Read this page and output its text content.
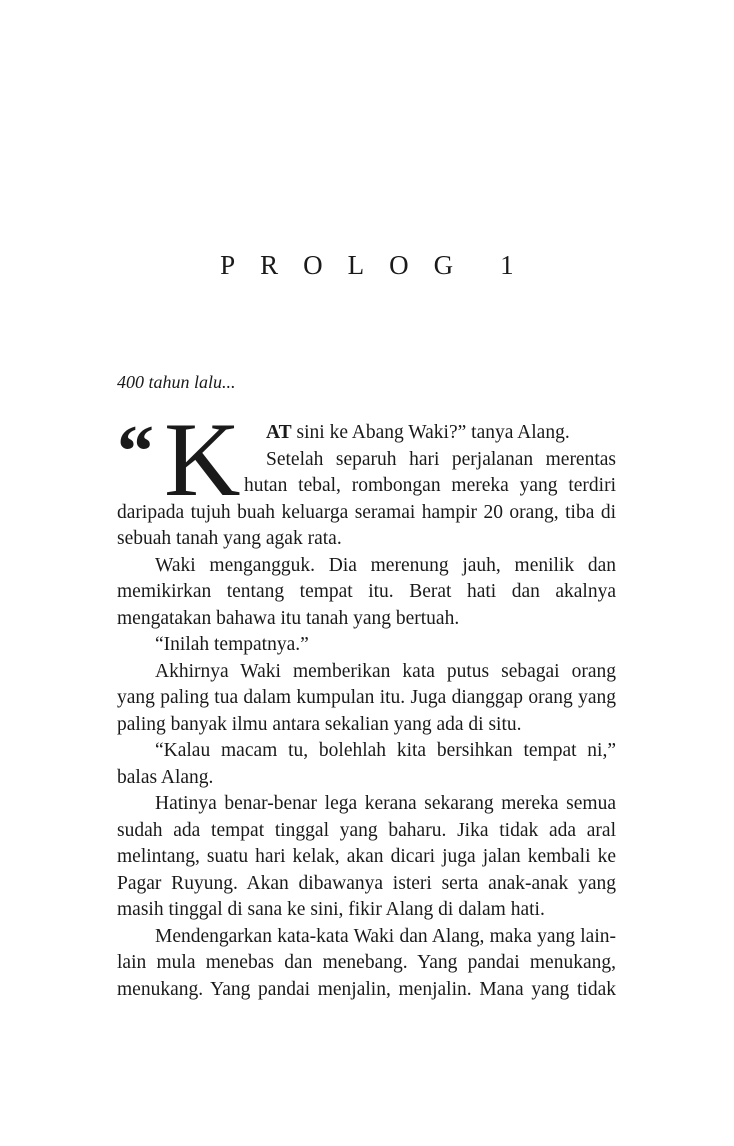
PROLOG 1
400 tahun lalu...
“ K	AT sini ke Abang Waki?” tanya Alang.
Setelah separuh hari perjalanan merentas
hutan tebal, rombongan mereka yang terdiri
daripada tujuh buah keluarga seramai hampir 20 orang, tiba di
sebuah tanah yang agak rata.
Waki mengangguk. Dia merenung jauh, menilik dan
memikirkan tentang tempat itu. Berat hati dan akalnya
mengatakan bahawa itu tanah yang bertuah.
“Inilah tempatnya.”
Akhirnya Waki memberikan kata putus sebagai orang
yang paling tua dalam kumpulan itu. Juga dianggap orang yang
paling banyak ilmu antara sekalian yang ada di situ.
“Kalau macam tu, bolehlah kita bersihkan tempat ni,”
balas Alang.
Hatinya benar-benar lega kerana sekarang mereka semua
sudah ada tempat tinggal yang baharu. Jika tidak ada aral
melintang, suatu hari kelak, akan dicari juga jalan kembali ke
Pagar Ruyung. Akan dibawanya isteri serta anak-anak yang
masih tinggal di sana ke sini, fikir Alang di dalam hati.
Mendengarkan kata-kata Waki dan Alang, maka yang lain-
lain mula menebas dan menebang. Yang pandai menukang,
menukang. Yang pandai menjalin, menjalin. Mana yang tidak
